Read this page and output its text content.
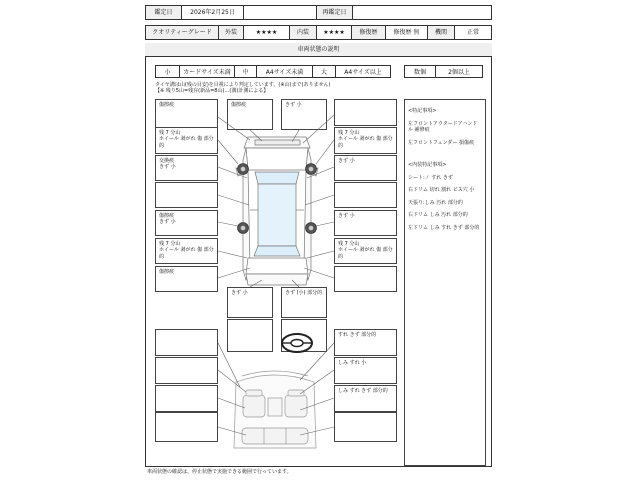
鑑定日	2026年2月25日	再鑑定日
クオリティーグレード	外装	★★★★	内装	★★★★	修復歴	修復歴 無	機関	正常
車両状態の説明
小	カードサイズ未満	中	A4サイズ未満	大	A4サイズ以上	数個	2個以上
タイヤ溝は山(残の目安)を目視により判定しています。(※山)まで(ありません)
【※ 残り5山=残存(新品=8山)…(溝)計測による】

<特記事項>

左フロントアウタードアハンドル 補修痕

左フロントフェンダー 損傷痕

<内装特記事項>

シート:ノ すれ きず

右ドリム 切れ 割れ ビス穴 小

天張り:しみ 汚れ 部分的

右ドリム しみ 汚れ 部分的

左ドリム しみ すれ きず 部分的

傷擦痕	傷擦痕	きず 小
残 7 分山
ホイール 剥がれ 傷 部分的
残 7 分山
ホイール 剥がれ 傷 部分的
交換痕
きず 小
きず 小
傷擦痕
きず 小
きず 小
残 7 分山
ホイール 剥がれ 傷 部分的
残 7 分山
ホイール 剥がれ 傷 部分的
傷擦痕
きず 小	きず (小) 部分的
すれ きず 部分的
しみ すれ 小
しみ すれ きず 部分的
車両状態の確認は、停止状態で実施できる範囲で行っています。
